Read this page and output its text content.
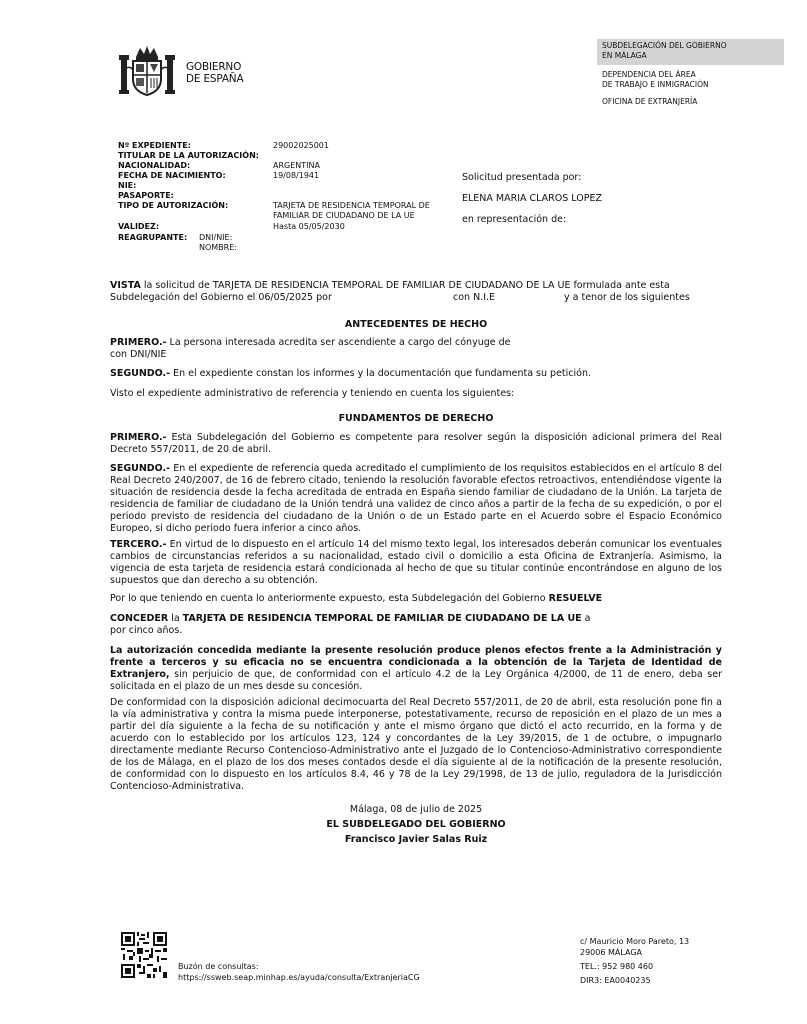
GOBIERNO
DE ESPAÑA
SUBDELEGACIÓN DEL GOBIERNO
EN MÁLAGA
DEPENDENCIA DEL ÁREA
DE TRABAJO E INMIGRACIÓN
OFICINA DE EXTRANJERÍA
Nº EXPEDIENTE:	29002025001
TITULAR DE LA AUTORIZACIÓN:
NACIONALIDAD:	ARGENTINA
FECHA DE NACIMIENTO:	19/08/1941
NIE:
PASAPORTE:
TIPO DE AUTORIZACIÓN:	TARJETA DE RESIDENCIA TEMPORAL DE
FAMILIAR DE CIUDADANO DE LA UE
VALIDEZ:	Hasta 05/05/2030
REAGRUPANTE: DNI/NIE:
NOMBRE:
Solicitud presentada por:
ELENA MARIA CLAROS LOPEZ
en representación de:
VISTA la solicitud de TARJETA DE RESIDENCIA TEMPORAL DE FAMILIAR DE CIUDADANO DE LA UE formulada ante esta
Subdelegación del Gobierno el 06/05/2025 por	con N.I.E	y a tenor de los siguientes
ANTECEDENTES DE HECHO
PRIMERO.- La persona interesada acredita ser ascendiente a cargo del cónyuge de
con DNI/NIE
SEGUNDO.- En el expediente constan los informes y la documentación que fundamenta su petición.
Visto el expediente administrativo de referencia y teniendo en cuenta los siguientes:
FUNDAMENTOS DE DERECHO
PRIMERO.- Esta Subdelegación del Gobierno es competente para resolver según la disposición adicional primera del Real Decreto 557/2011, de 20 de abril.
SEGUNDO.- En el expediente de referencia queda acreditado el cumplimiento de los requisitos establecidos en el artículo 8 del Real Decreto 240/2007, de 16 de febrero citado, teniendo la resolución favorable efectos retroactivos, entendiéndose vigente la situación de residencia desde la fecha acreditada de entrada en España siendo familiar de ciudadano de la Unión. La tarjeta de residencia de familiar de ciudadano de la Unión tendrá una validez de cinco años a partir de la fecha de su expedición, o por el periodo previsto de residencia del ciudadano de la Unión o de un Estado parte en el Acuerdo sobre el Espacio Económico Europeo, si dicho periodo fuera inferior a cinco años.
TERCERO.- En virtud de lo dispuesto en el artículo 14 del mismo texto legal, los interesados deberán comunicar los eventuales cambios de circunstancias referidos a su nacionalidad, estado civil o domicilio a esta Oficina de Extranjería. Asimismo, la vigencia de esta tarjeta de residencia estará condicionada al hecho de que su titular continúe encontrándose en alguno de los supuestos que dan derecho a su obtención.
Por lo que teniendo en cuenta lo anteriormente expuesto, esta Subdelegación del Gobierno RESUELVE
CONCEDER la TARJETA DE RESIDENCIA TEMPORAL DE FAMILIAR DE CIUDADANO DE LA UE a
por cinco años.
La autorización concedida mediante la presente resolución produce plenos efectos frente a la Administración y frente a terceros y su eficacia no se encuentra condicionada a la obtención de la Tarjeta de Identidad de Extranjero, sin perjuicio de que, de conformidad con el artículo 4.2 de la Ley Orgánica 4/2000, de 11 de enero, deba ser solicitada en el plazo de un mes desde su concesión.
De conformidad con la disposición adicional decimocuarta del Real Decreto 557/2011, de 20 de abril, esta resolución pone fin a la vía administrativa y contra la misma puede interponerse, potestativamente, recurso de reposición en el plazo de un mes a partir del día siguiente a la fecha de su notificación y ante el mismo órgano que dictó el acto recurrido, en la forma y de acuerdo con lo establecido por los artículos 123, 124 y concordantes de la Ley 39/2015, de 1 de octubre, o impugnarlo directamente mediante Recurso Contencioso-Administrativo ante el Juzgado de lo Contencioso-Administrativo correspondiente de los de Málaga, en el plazo de los dos meses contados desde el día siguiente al de la notificación de la presente resolución, de conformidad con lo dispuesto en los artículos 8.4, 46 y 78 de la Ley 29/1998, de 13 de julio, reguladora de la Jurisdicción Contencioso-Administrativa.
Málaga, 08 de julio de 2025
EL SUBDELEGADO DEL GOBIERNO
Francisco Javier Salas Ruiz
Buzón de consultas:
https://ssweb.seap.minhap.es/ayuda/consulta/ExtranjeriaCG
c/ Mauricio Moro Pareto, 13
29006 MÁLAGA
TEL.: 952 980 460
DIR3: EA0040235
